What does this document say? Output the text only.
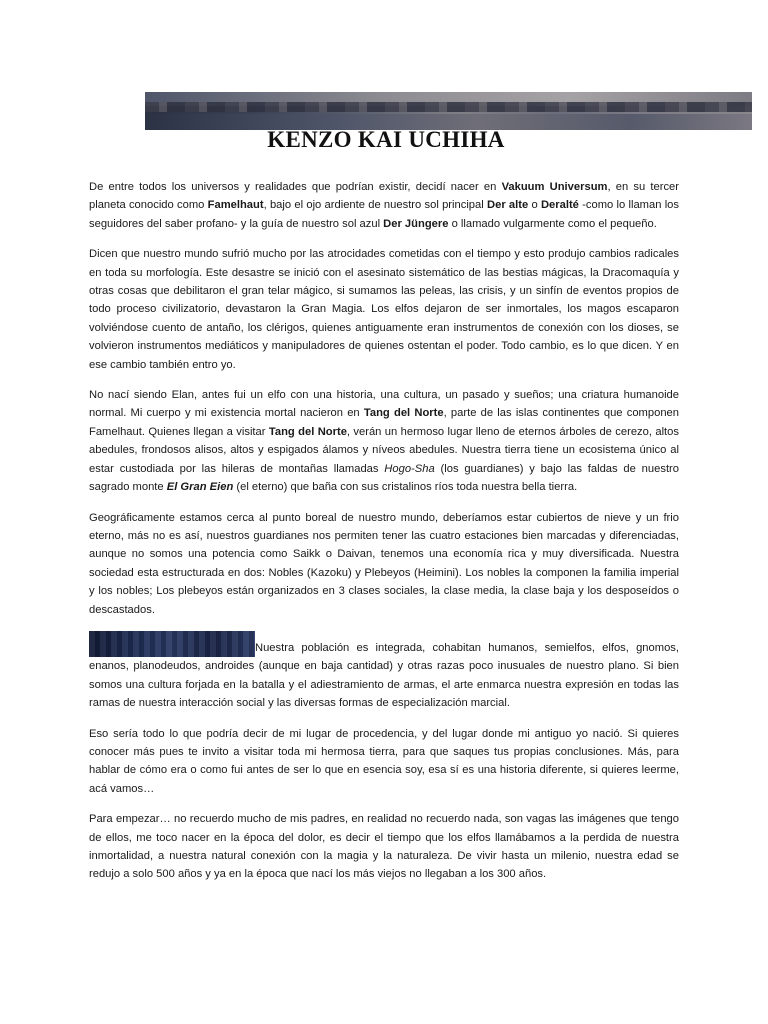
KENZO KAI UCHIHA

De entre todos los universos y realidades que podrían existir, decidí nacer en Vakuum Universum, en su tercer planeta conocido como Famelhaut, bajo el ojo ardiente de nuestro sol principal Der alte o Deralté -como lo llaman los seguidores del saber profano- y la guía de nuestro sol azul Der Jüngere o llamado vulgarmente como el pequeño.

Dicen que nuestro mundo sufrió mucho por las atrocidades cometidas con el tiempo y esto produjo cambios radicales en toda su morfología. Este desastre se inició con el asesinato sistemático de las bestias mágicas, la Dracomaquía y otras cosas que debilitaron el gran telar mágico, si sumamos las peleas, las crisis, y un sinfín de eventos propios de todo proceso civilizatorio, devastaron la Gran Magia. Los elfos dejaron de ser inmortales, los magos escaparon volviéndose cuento de antaño, los clérigos, quienes antiguamente eran instrumentos de conexión con los dioses, se volvieron instrumentos mediáticos y manipuladores de quienes ostentan el poder. Todo cambio, es lo que dicen. Y en ese cambio también entro yo.

No nací siendo Elan, antes fui un elfo con una historia, una cultura, un pasado y sueños; una criatura humanoide normal. Mi cuerpo y mi existencia mortal nacieron en Tang del Norte, parte de las islas continentes que componen Famelhaut. Quienes llegan a visitar Tang del Norte, verán un hermoso lugar lleno de eternos árboles de cerezo, altos abedules, frondosos alisos, altos y espigados álamos y níveos abedules. Nuestra tierra tiene un ecosistema único al estar custodiada por las hileras de montañas llamadas Hogo-Sha (los guardianes) y bajo las faldas de nuestro sagrado monte El Gran Eien (el eterno) que baña con sus cristalinos ríos toda nuestra bella tierra.

Geográficamente estamos cerca al punto boreal de nuestro mundo, deberíamos estar cubiertos de nieve y un frio eterno, más no es así, nuestros guardianes nos permiten tener las cuatro estaciones bien marcadas y diferenciadas, aunque no somos una potencia como Saikk o Daivan, tenemos una economía rica y muy diversificada. Nuestra sociedad esta estructurada en dos: Nobles (Kazoku) y Plebeyos (Heimini). Los nobles la componen la familia imperial y los nobles; Los plebeyos están organizados en 3 clases sociales, la clase media, la clase baja y los desposeídos o descastados.

Nuestra población es integrada, cohabitan humanos, semielfos, elfos, gnomos, enanos, planodeudos, androides (aunque en baja cantidad) y otras razas poco inusuales de nuestro plano. Si bien somos una cultura forjada en la batalla y el adiestramiento de armas, el arte enmarca nuestra expresión en todas las ramas de nuestra interacción social y las diversas formas de especialización marcial.

Eso sería todo lo que podría decir de mi lugar de procedencia, y del lugar donde mi antiguo yo nació. Si quieres conocer más pues te invito a visitar toda mi hermosa tierra, para que saques tus propias conclusiones. Más, para hablar de cómo era o como fui antes de ser lo que en esencia soy, esa sí es una historia diferente, si quieres leerme, acá vamos…

Para empezar… no recuerdo mucho de mis padres, en realidad no recuerdo nada, son vagas las imágenes que tengo de ellos, me toco nacer en la época del dolor, es decir el tiempo que los elfos llamábamos a la perdida de nuestra inmortalidad, a nuestra natural conexión con la magia y la naturaleza. De vivir hasta un milenio, nuestra edad se redujo a solo 500 años y ya en la época que nací los más viejos no llegaban a los 300 años.
